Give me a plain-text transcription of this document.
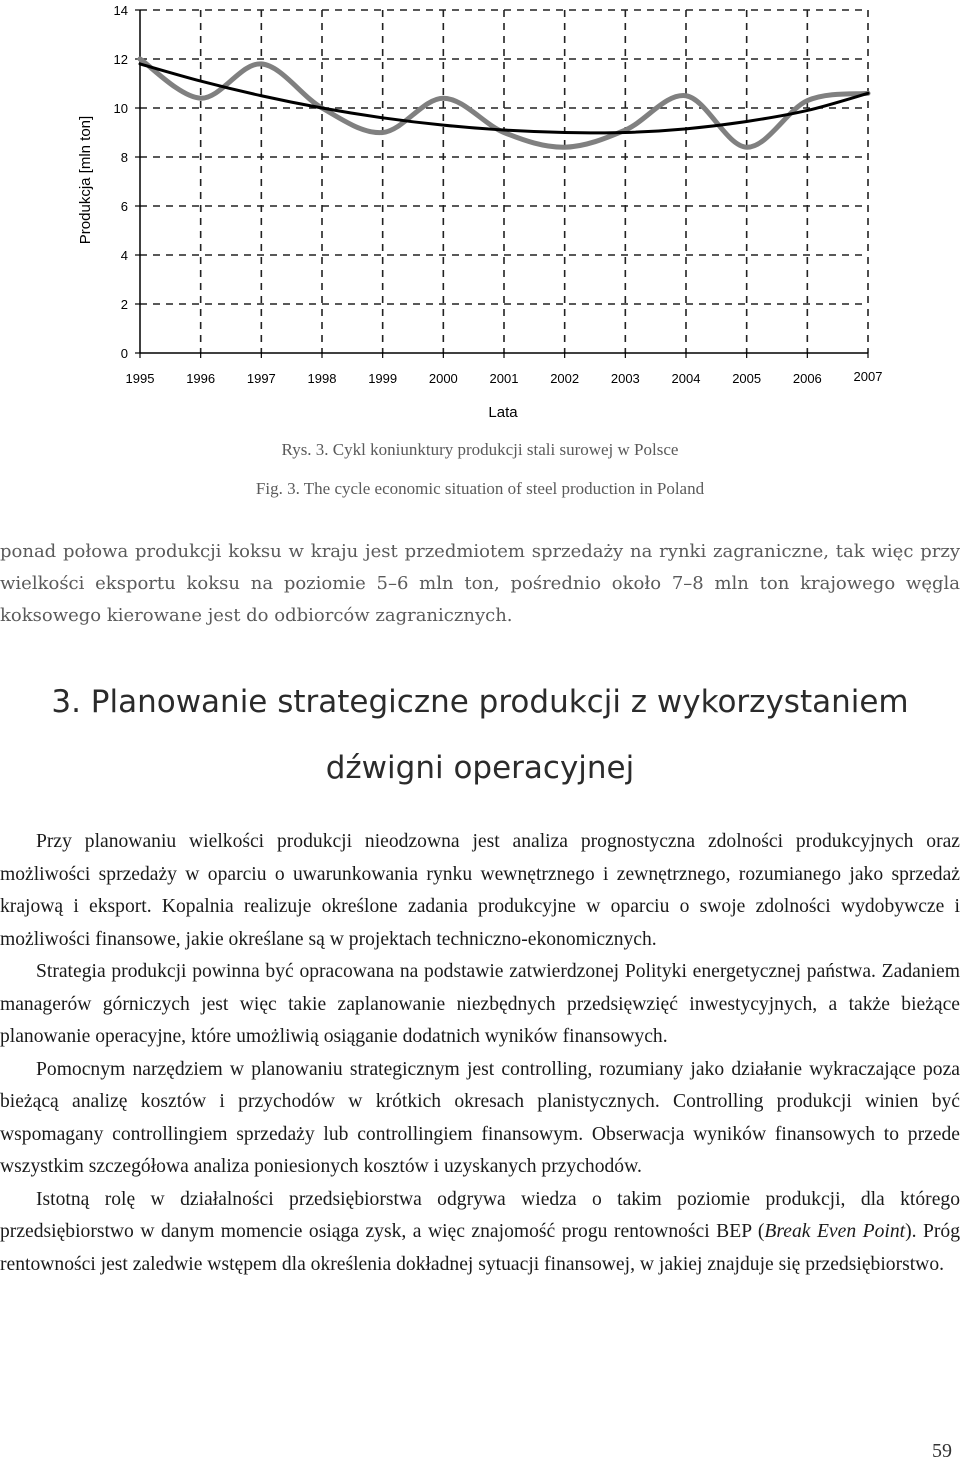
0
2
4
6
8
10
12
14
1995 1996 1997 1998 1999 2000 2001 2002 2003 2004 2005 2006 2007
Produkcja [mln ton]
Lata
Rys. 3. Cykl koniunktury produkcji stali surowej w Polsce
Fig. 3. The cycle economic situation of steel production in Poland

ponad połowa produkcji koksu w kraju jest przedmiotem sprzedaży na rynki zagraniczne, tak więc przy wielkości eksportu koksu na poziomie 5–6 mln ton, pośrednio około 7–8 mln ton krajowego węgla koksowego kierowane jest do odbiorców zagranicznych.

3. Planowanie strategiczne produkcji z wykorzystaniem
dźwigni operacyjnej

Przy planowaniu wielkości produkcji nieodzowna jest analiza prognostyczna zdolności produkcyjnych oraz możliwości sprzedaży w oparciu o uwarunkowania rynku wewnętrznego i zewnętrznego, rozumianego jako sprzedaż krajową i eksport. Kopalnia realizuje określone zadania produkcyjne w oparciu o swoje zdolności wydobywcze i możliwości finansowe, jakie określane są w projektach techniczno-ekonomicznych.

Strategia produkcji powinna być opracowana na podstawie zatwierdzonej Polityki energetycznej państwa. Zadaniem managerów górniczych jest więc takie zaplanowanie niezbędnych przedsięwzięć inwestycyjnych, a także bieżące planowanie operacyjne, które umożliwią osiąganie dodatnich wyników finansowych.

Pomocnym narzędziem w planowaniu strategicznym jest controlling, rozumiany jako działanie wykraczające poza bieżącą analizę kosztów i przychodów w krótkich okresach planistycznych. Controlling produkcji winien być wspomagany controllingiem sprzedaży lub controllingiem finansowym. Obserwacja wyników finansowych to przede wszystkim szczegółowa analiza poniesionych kosztów i uzyskanych przychodów.

Istotną rolę w działalności przedsiębiorstwa odgrywa wiedza o takim poziomie produkcji, dla którego przedsiębiorstwo w danym momencie osiąga zysk, a więc znajomość progu rentowności BEP (Break Even Point). Próg rentowności jest zaledwie wstępem dla określenia dokładnej sytuacji finansowej, w jakiej znajduje się przedsiębiorstwo.

59
